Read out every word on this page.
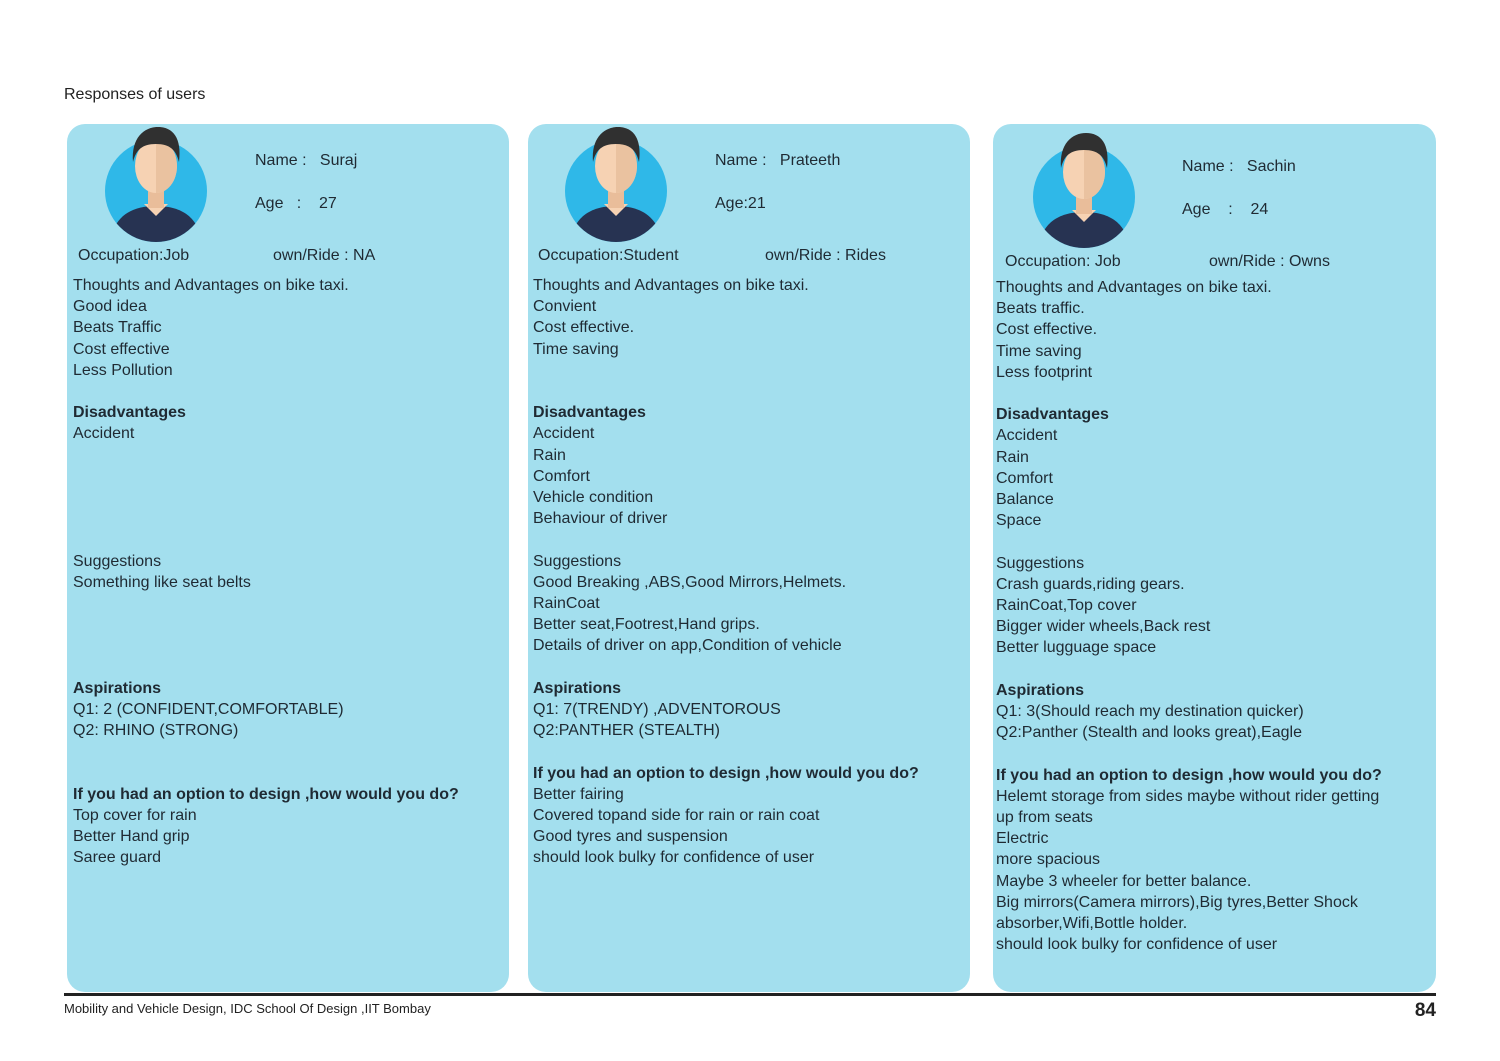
Responses of users
Name :   Suraj
Age   :    27
Occupation:Job	own/Ride : NA
Thoughts and Advantages on bike taxi.
Good idea
Beats Traffic
Cost effective
Less Pollution
Disadvantages
Accident
Suggestions
Something like seat belts
Aspirations
Q1: 2 (CONFIDENT,COMFORTABLE)
Q2: RHINO (STRONG)
If you had an option to design ,how would you do?
Top cover for rain
Better Hand grip
Saree guard
Name :   Prateeth
Age:21
Occupation:Student	own/Ride : Rides
Thoughts and Advantages on bike taxi.
Convient
Cost effective.
Time saving
Disadvantages
Accident
Rain
Comfort
Vehicle condition
Behaviour of driver
Suggestions
Good Breaking ,ABS,Good Mirrors,Helmets.
RainCoat
Better seat,Footrest,Hand grips.
Details of driver on app,Condition of vehicle
Aspirations
Q1: 7(TRENDY) ,ADVENTOROUS
Q2:PANTHER (STEALTH)
If you had an option to design ,how would you do?
Better fairing
Covered topand side for rain or rain coat
Good tyres and suspension
should look bulky for confidence of user
Name :   Sachin
Age    :    24
Occupation: Job	own/Ride : Owns
Thoughts and Advantages on bike taxi.
Beats traffic.
Cost effective.
Time saving
Less footprint
Disadvantages
Accident
Rain
Comfort
Balance
Space
Suggestions
Crash guards,riding gears.
RainCoat,Top cover
Bigger wider wheels,Back rest
Better lugguage space
Aspirations
Q1: 3(Should reach my destination quicker)
Q2:Panther (Stealth and looks great),Eagle
If you had an option to design ,how would you do?
Helemt storage from sides maybe without rider getting
up from seats
Electric
more spacious
Maybe 3 wheeler for better balance.
Big mirrors(Camera mirrors),Big tyres,Better Shock
absorber,Wifi,Bottle holder.
should look bulky for confidence of user
Mobility and Vehicle Design, IDC School Of Design ,IIT Bombay	84
